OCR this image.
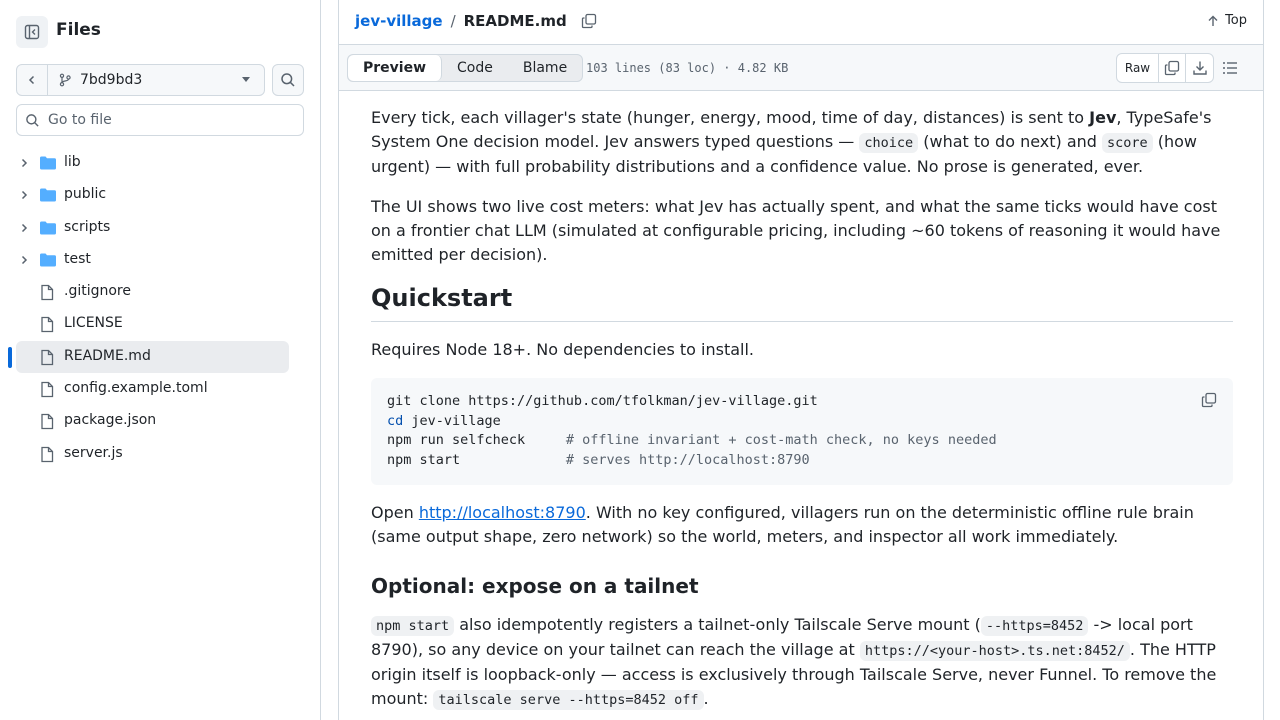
Files
7bd9bd3
Go to file
lib
public
scripts
test
.gitignore
LICENSE
README.md
config.example.toml
package.json
server.js
jev-village / README.md	Top
Preview	Code	Blame	103 lines (83 loc) · 4.82 KB	Raw

Every tick, each villager's state (hunger, energy, mood, time of day, distances) is sent to Jev, TypeSafe's System One decision model. Jev answers typed questions — choice (what to do next) and score (how urgent) — with full probability distributions and a confidence value. No prose is generated, ever.

The UI shows two live cost meters: what Jev has actually spent, and what the same ticks would have cost on a frontier chat LLM (simulated at configurable pricing, including ~60 tokens of reasoning it would have emitted per decision).

Quickstart

Requires Node 18+. No dependencies to install.

git clone https://github.com/tfolkman/jev-village.git
cd jev-village
npm run selfcheck     # offline invariant + cost-math check, no keys needed
npm start             # serves http://localhost:8790

Open http://localhost:8790. With no key configured, villagers run on the deterministic offline rule brain (same output shape, zero network) so the world, meters, and inspector all work immediately.

Optional: expose on a tailnet

npm start also idempotently registers a tailnet-only Tailscale Serve mount ( --https=8452 -> local port 8790), so any device on your tailnet can reach the village at https://<your-host>.ts.net:8452/ . The HTTP origin itself is loopback-only — access is exclusively through Tailscale Serve, never Funnel. To remove the mount: tailscale serve --https=8452 off .
